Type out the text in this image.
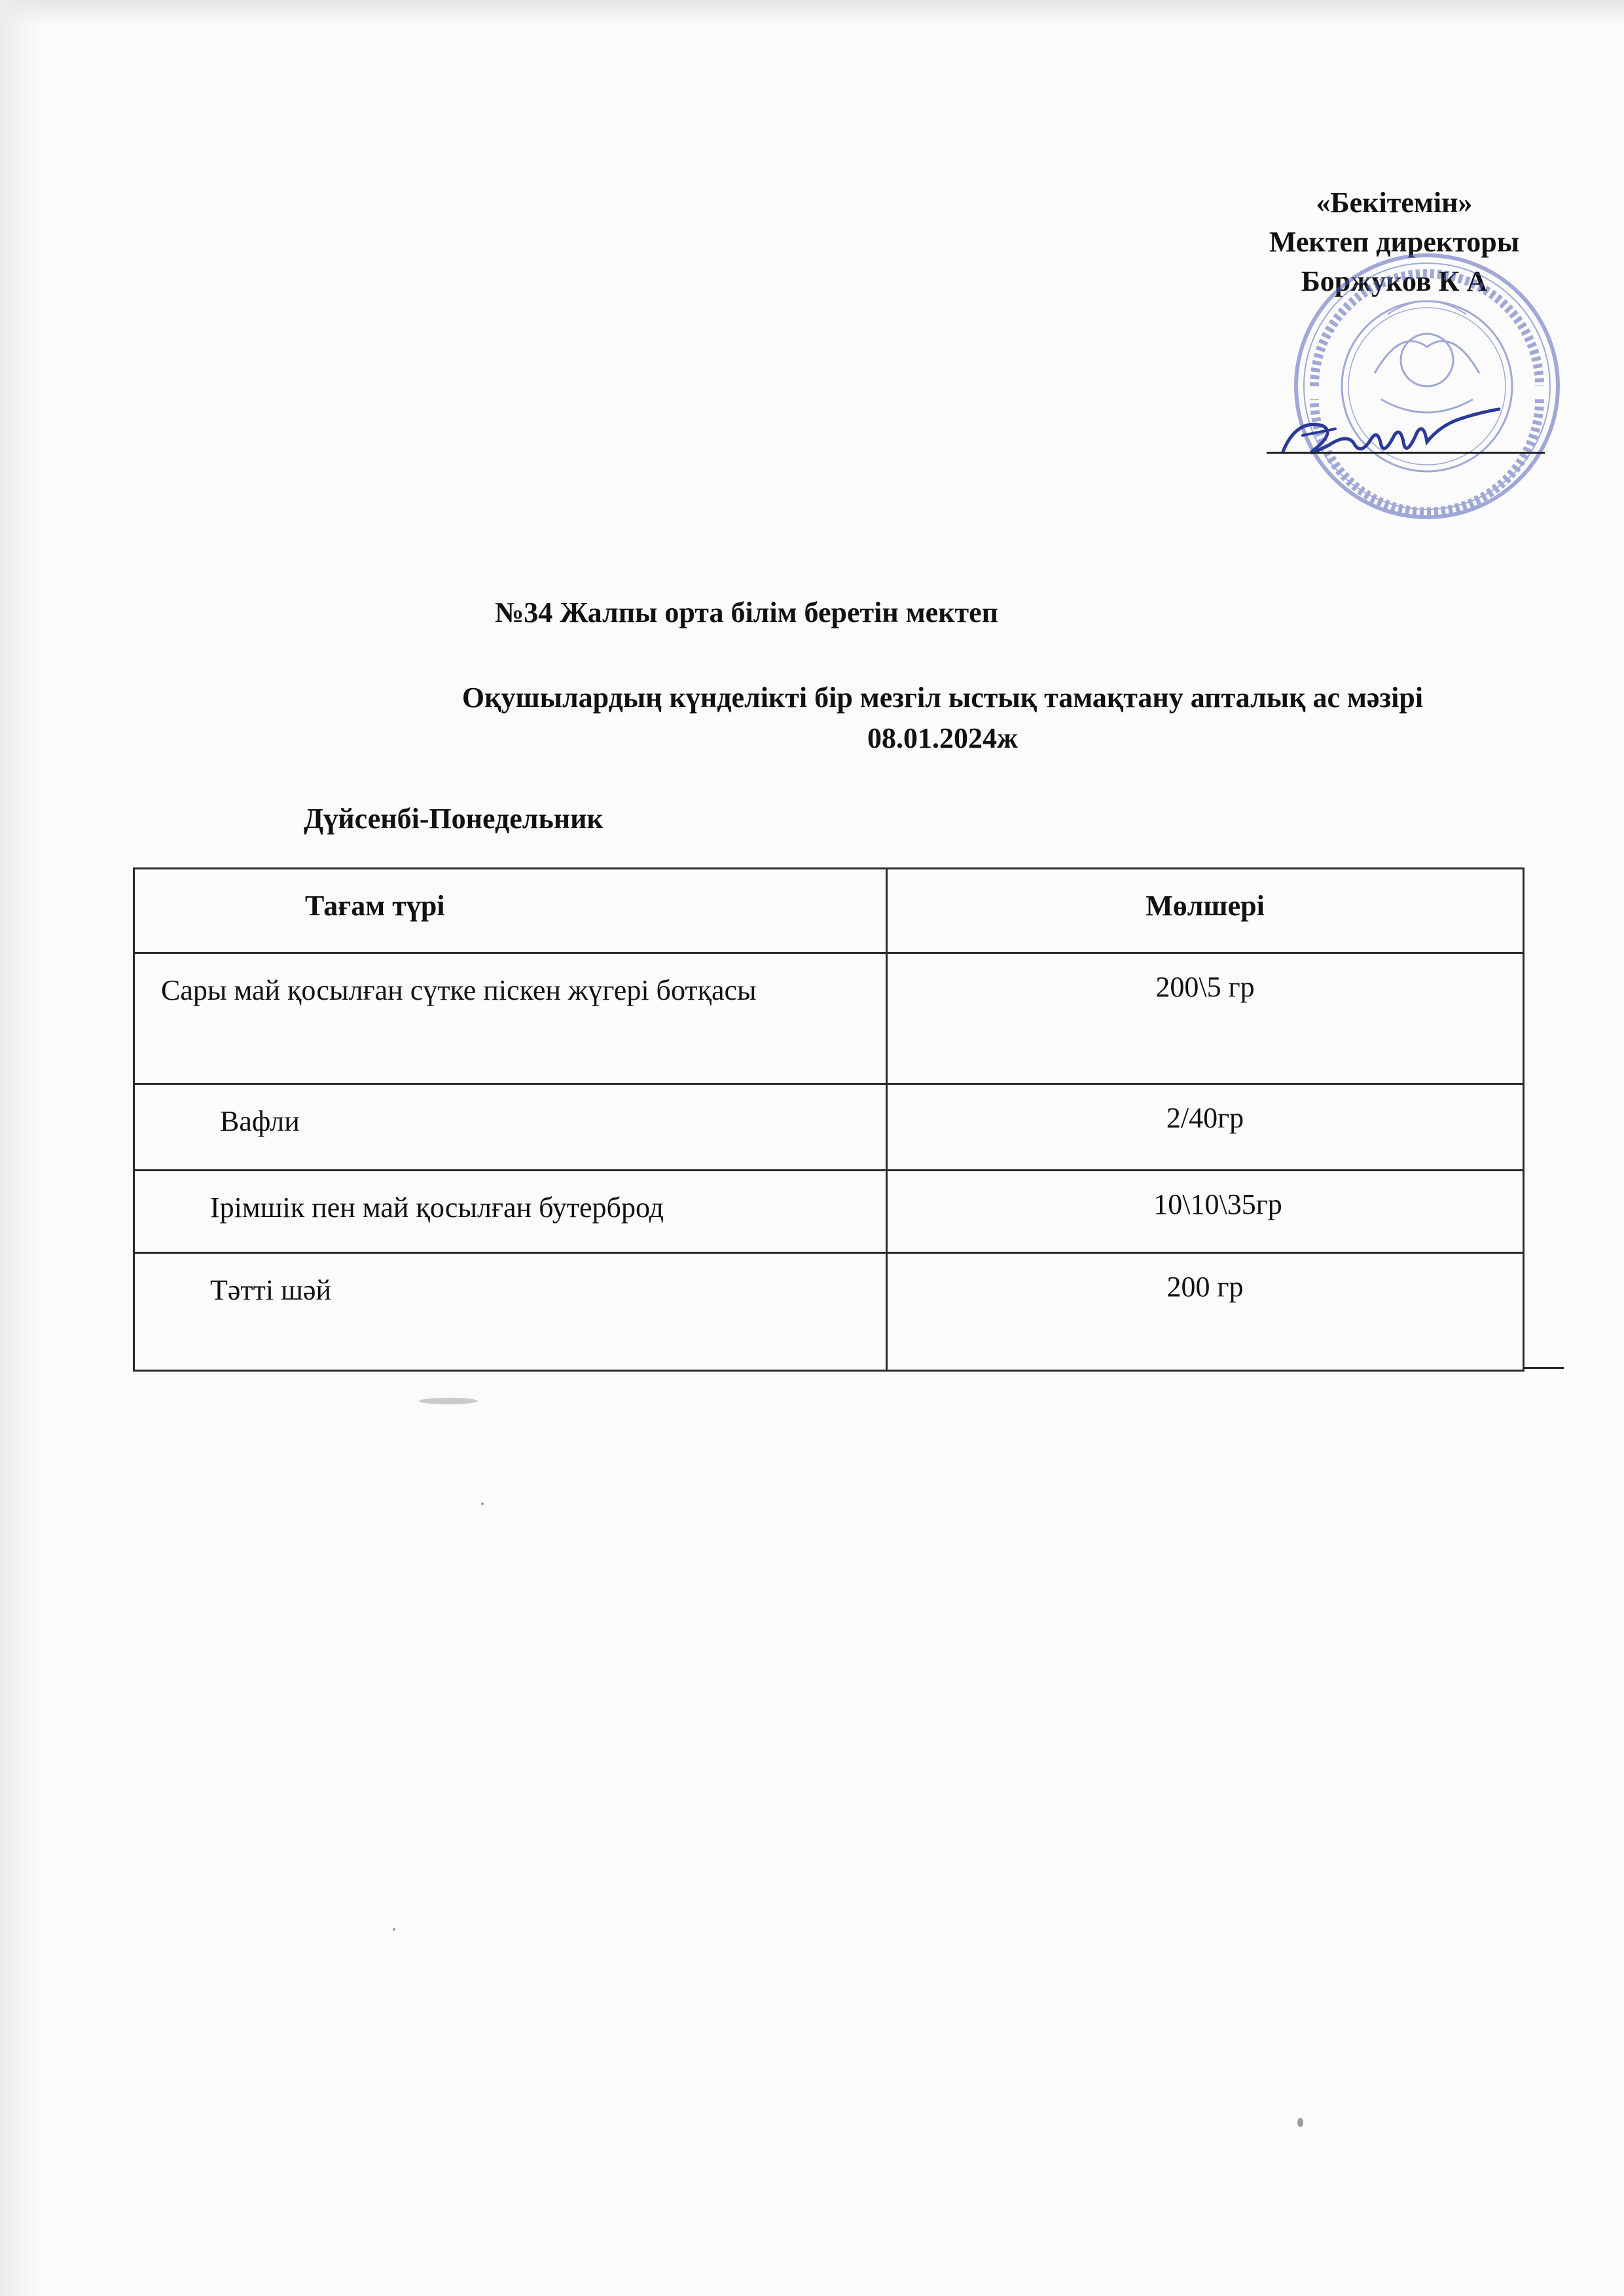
«Бекітемін»
Мектеп директоры
Боржуков К А
№34 Жалпы орта білім беретін мектеп
Оқушылардың күнделікті бір мезгіл ыстық тамақтану апталық ас мәзірі
08.01.2024ж
Дүйсенбі-Понедельник
Тағам түрі	Мөлшері
Сары май қосылған сүтке піскен жүгері ботқасы	200\5 гр
Вафли	2/40гр
Ірімшік пен май қосылған бутерброд	10\10\35гр
Тәтті шәй	200 гр
